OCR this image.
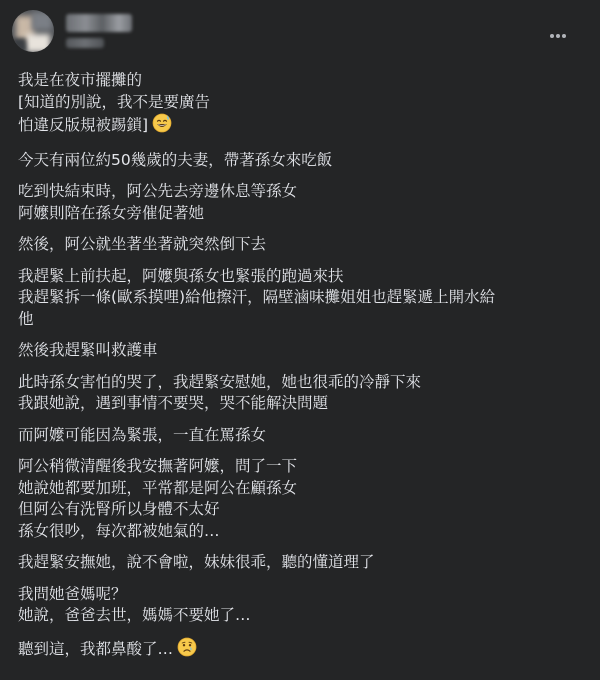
我是在夜市擺攤的
[知道的別說，我不是要廣告
怕違反版規被踢鎖]
今天有兩位約50幾歲的夫妻，帶著孫女來吃飯
吃到快結束時，阿公先去旁邊休息等孫女
阿嬤則陪在孫女旁催促著她
然後，阿公就坐著坐著就突然倒下去
我趕緊上前扶起，阿嬤與孫女也緊張的跑過來扶
我趕緊拆一條(歐系摸哩)給他擦汗，隔壁滷味攤姐姐也趕緊遞上開水給
他
然後我趕緊叫救護車
此時孫女害怕的哭了，我趕緊安慰她，她也很乖的冷靜下來
我跟她說，遇到事情不要哭，哭不能解決問題
而阿嬤可能因為緊張，一直在罵孫女
阿公稍微清醒後我安撫著阿嬤，問了一下
她說她都要加班，平常都是阿公在顧孫女
但阿公有洗腎所以身體不太好
孫女很吵，每次都被她氣的…
我趕緊安撫她，說不會啦，妹妹很乖，聽的懂道理了
我問她爸媽呢？
她說，爸爸去世，媽媽不要她了…
聽到這，我都鼻酸了…
